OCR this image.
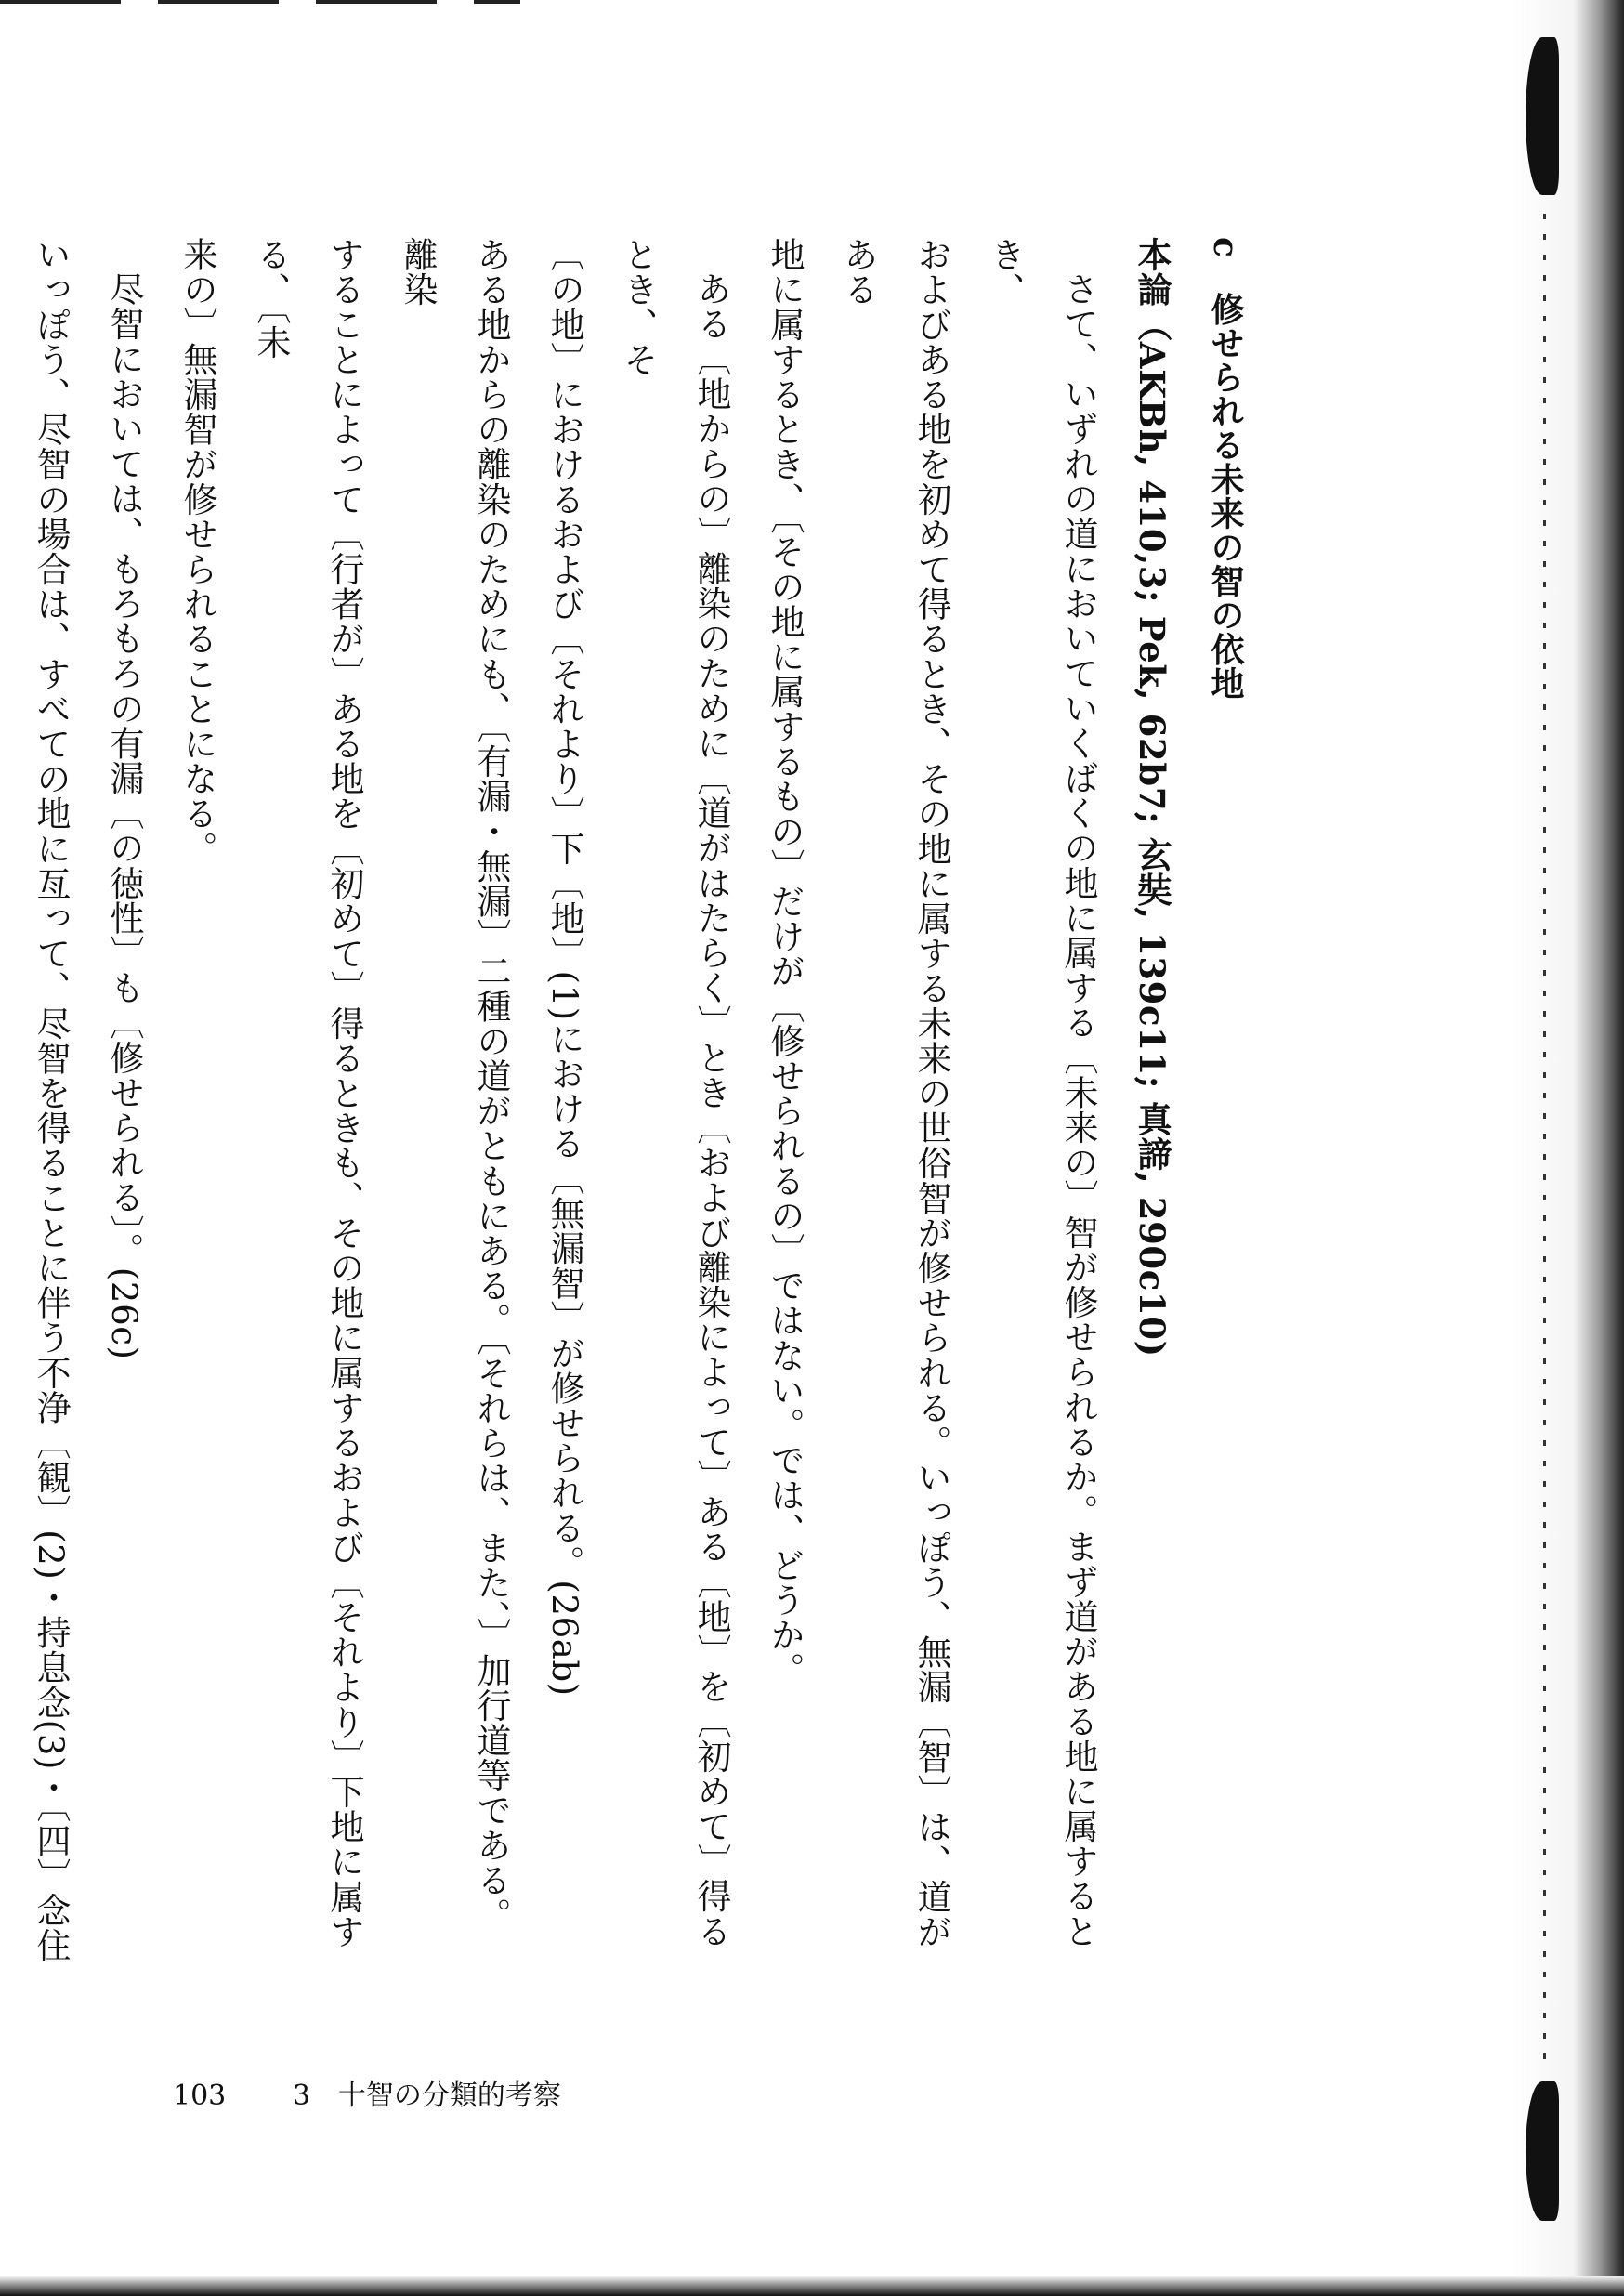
c　修せられる未来の智の依地
本論（AKBh, 410,3; Pek, 62b7; 玄奘, 139c11; 真諦, 290c10)
さて、いずれの道においていくばくの地に属する〔未来の〕智が修せられるか。まず道がある地に属するとき、
およびある地を初めて得るとき、その地に属する未来の世俗智が修せられる。いっぽう、無漏〔智〕は、道がある
地に属するとき、〔その地に属するもの〕だけが〔修せられるの〕ではない。では、どうか。
ある〔地からの〕離染のために〔道がはたらく〕とき〔および離染によって〕ある〔地〕を〔初めて〕得るとき、そ
〔の地〕におけるおよび〔それより〕下〔地〕(1)における〔無漏智〕が修せられる。(26ab)
ある地からの離染のためにも、〔有漏・無漏〕二種の道がともにある。〔それらは、また、〕加行道等である。離染
することによって〔行者が〕ある地を〔初めて〕得るときも、その地に属するおよび〔それより〕下地に属する、〔未
来の〕無漏智が修せられることになる。
尽智においては、もろもろの有漏〔の徳性〕も〔修せられる〕。(26c)
いっぽう、尽智の場合は、すべての地に亙って、尽智を得ることに伴う不浄〔観〕(2)・持息念(3)・〔四〕念住
103 3　十智の分類的考察
